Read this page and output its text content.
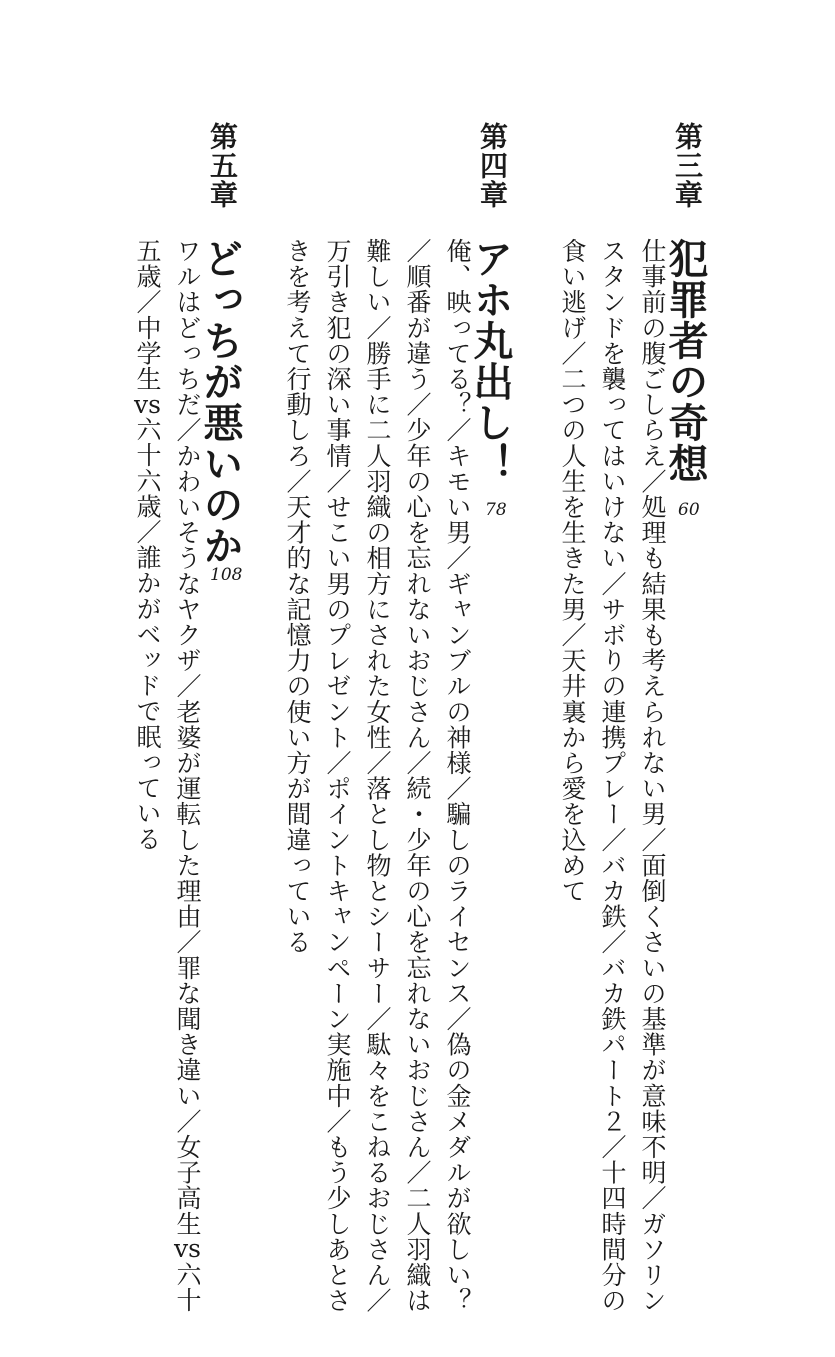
第三章
犯罪者の奇想
60
仕事前の腹ごしらえ／処理も結果も考えられない男／面倒くさいの基準が意味不明／ガソリン
スタンドを襲ってはいけない／サボりの連携プレー／バカ鉄／バカ鉄パート２／十四時間分の
食い逃げ／二つの人生を生きた男／天井裏から愛を込めて
第四章
アホ丸出し！
78
俺、映ってる？／キモい男／ギャンブルの神様／騙しのライセンス／偽の金メダルが欲しい？
／順番が違う／少年の心を忘れないおじさん／続・少年の心を忘れないおじさん／二人羽織は
難しい／勝手に二人羽織の相方にされた女性／落とし物とシーサー／駄々をこねるおじさん／
万引き犯の深い事情／せこい男のプレゼント／ポイントキャンペーン実施中／もう少しあとさ
きを考えて行動しろ／天才的な記憶力の使い方が間違っている
第五章
どっちが悪いのか
108
ワルはどっちだ／かわいそうなヤクザ／老婆が運転した理由／罪な聞き違い／女子高生vs六十
五歳／中学生vs六十六歳／誰かがベッドで眠っている
